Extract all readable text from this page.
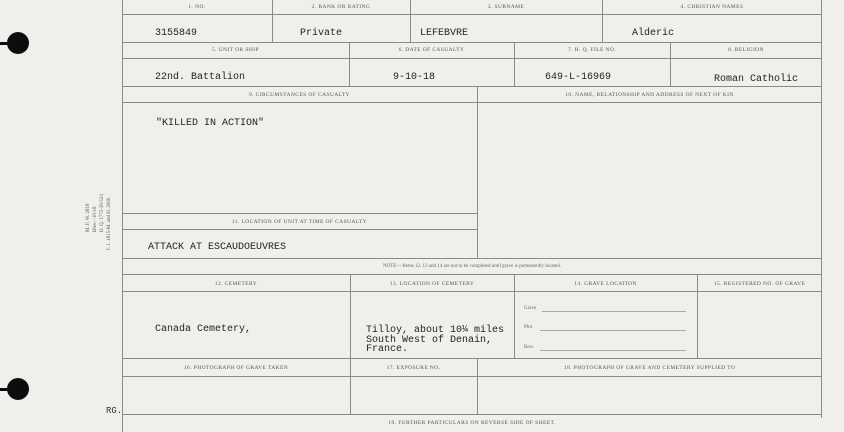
M. F. W. 2818 Bles—10-18 H. Q. 1772-39-523 I. 1. 1815-M. and H. 2000
RG.
1. NO.	2. RANK OR RATING	3. SURNAME	4. CHRISTIAN NAMES
3155849	Private	LEFEBVRE	Alderic
5. UNIT OR SHIP	6. DATE OF CASUALTY	7. H. Q. FILE NO.	8. RELIGION
22nd. Battalion	9-10-18	649-L-16969	Roman Catholic
9. CIRCUMSTANCES OF CASUALTY	10. NAME, RELATIONSHIP AND ADDRESS OF NEXT OF KIN
"KILLED IN ACTION"
11. LOCATION OF UNIT AT TIME OF CASUALTY
ATTACK AT ESCAUDOEUVRES
NOTE:—Items 12, 13 and 14 are not to be completed until grave is permanently located.
12. CEMETERY	13. LOCATION OF CEMETERY	14. GRAVE LOCATION	15. REGISTERED NO. OF GRAVE
Canada Cemetery,	Tilloy, about 10¼ miles
South West of Denain,
France.
Grave
Plot
Row
16. PHOTOGRAPH OF GRAVE TAKEN	17. EXPOSURE NO.	18. PHOTOGRAPH OF GRAVE AND CEMETERY SUPPLIED TO
19. FURTHER PARTICULARS ON REVERSE SIDE OF SHEET.
